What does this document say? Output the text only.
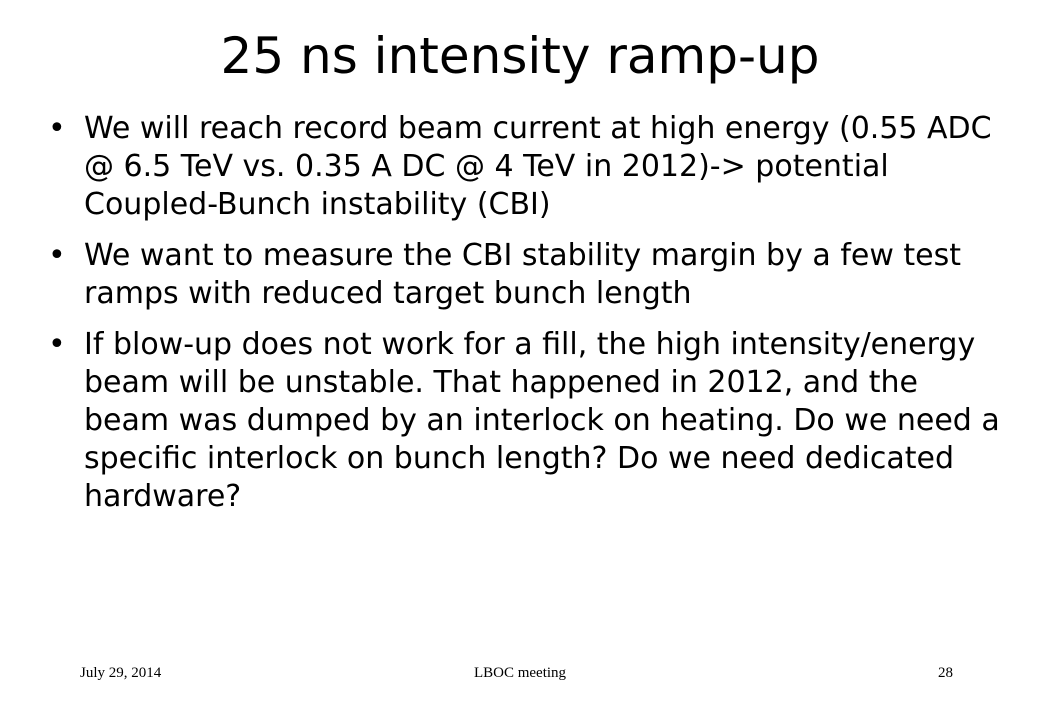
25 ns intensity ramp-up
• We will reach record beam current at high energy (0.55 ADC @ 6.5 TeV vs. 0.35 A DC @ 4 TeV in 2012)-> potential Coupled-Bunch instability (CBI)
• We want to measure the CBI stability margin by a few test ramps with reduced target bunch length
• If blow-up does not work for a fill, the high intensity/energy beam will be unstable. That happened in 2012, and the beam was dumped by an interlock on heating. Do we need a specific interlock on bunch length? Do we need dedicated hardware?
July 29, 2014	LBOC meeting	28
